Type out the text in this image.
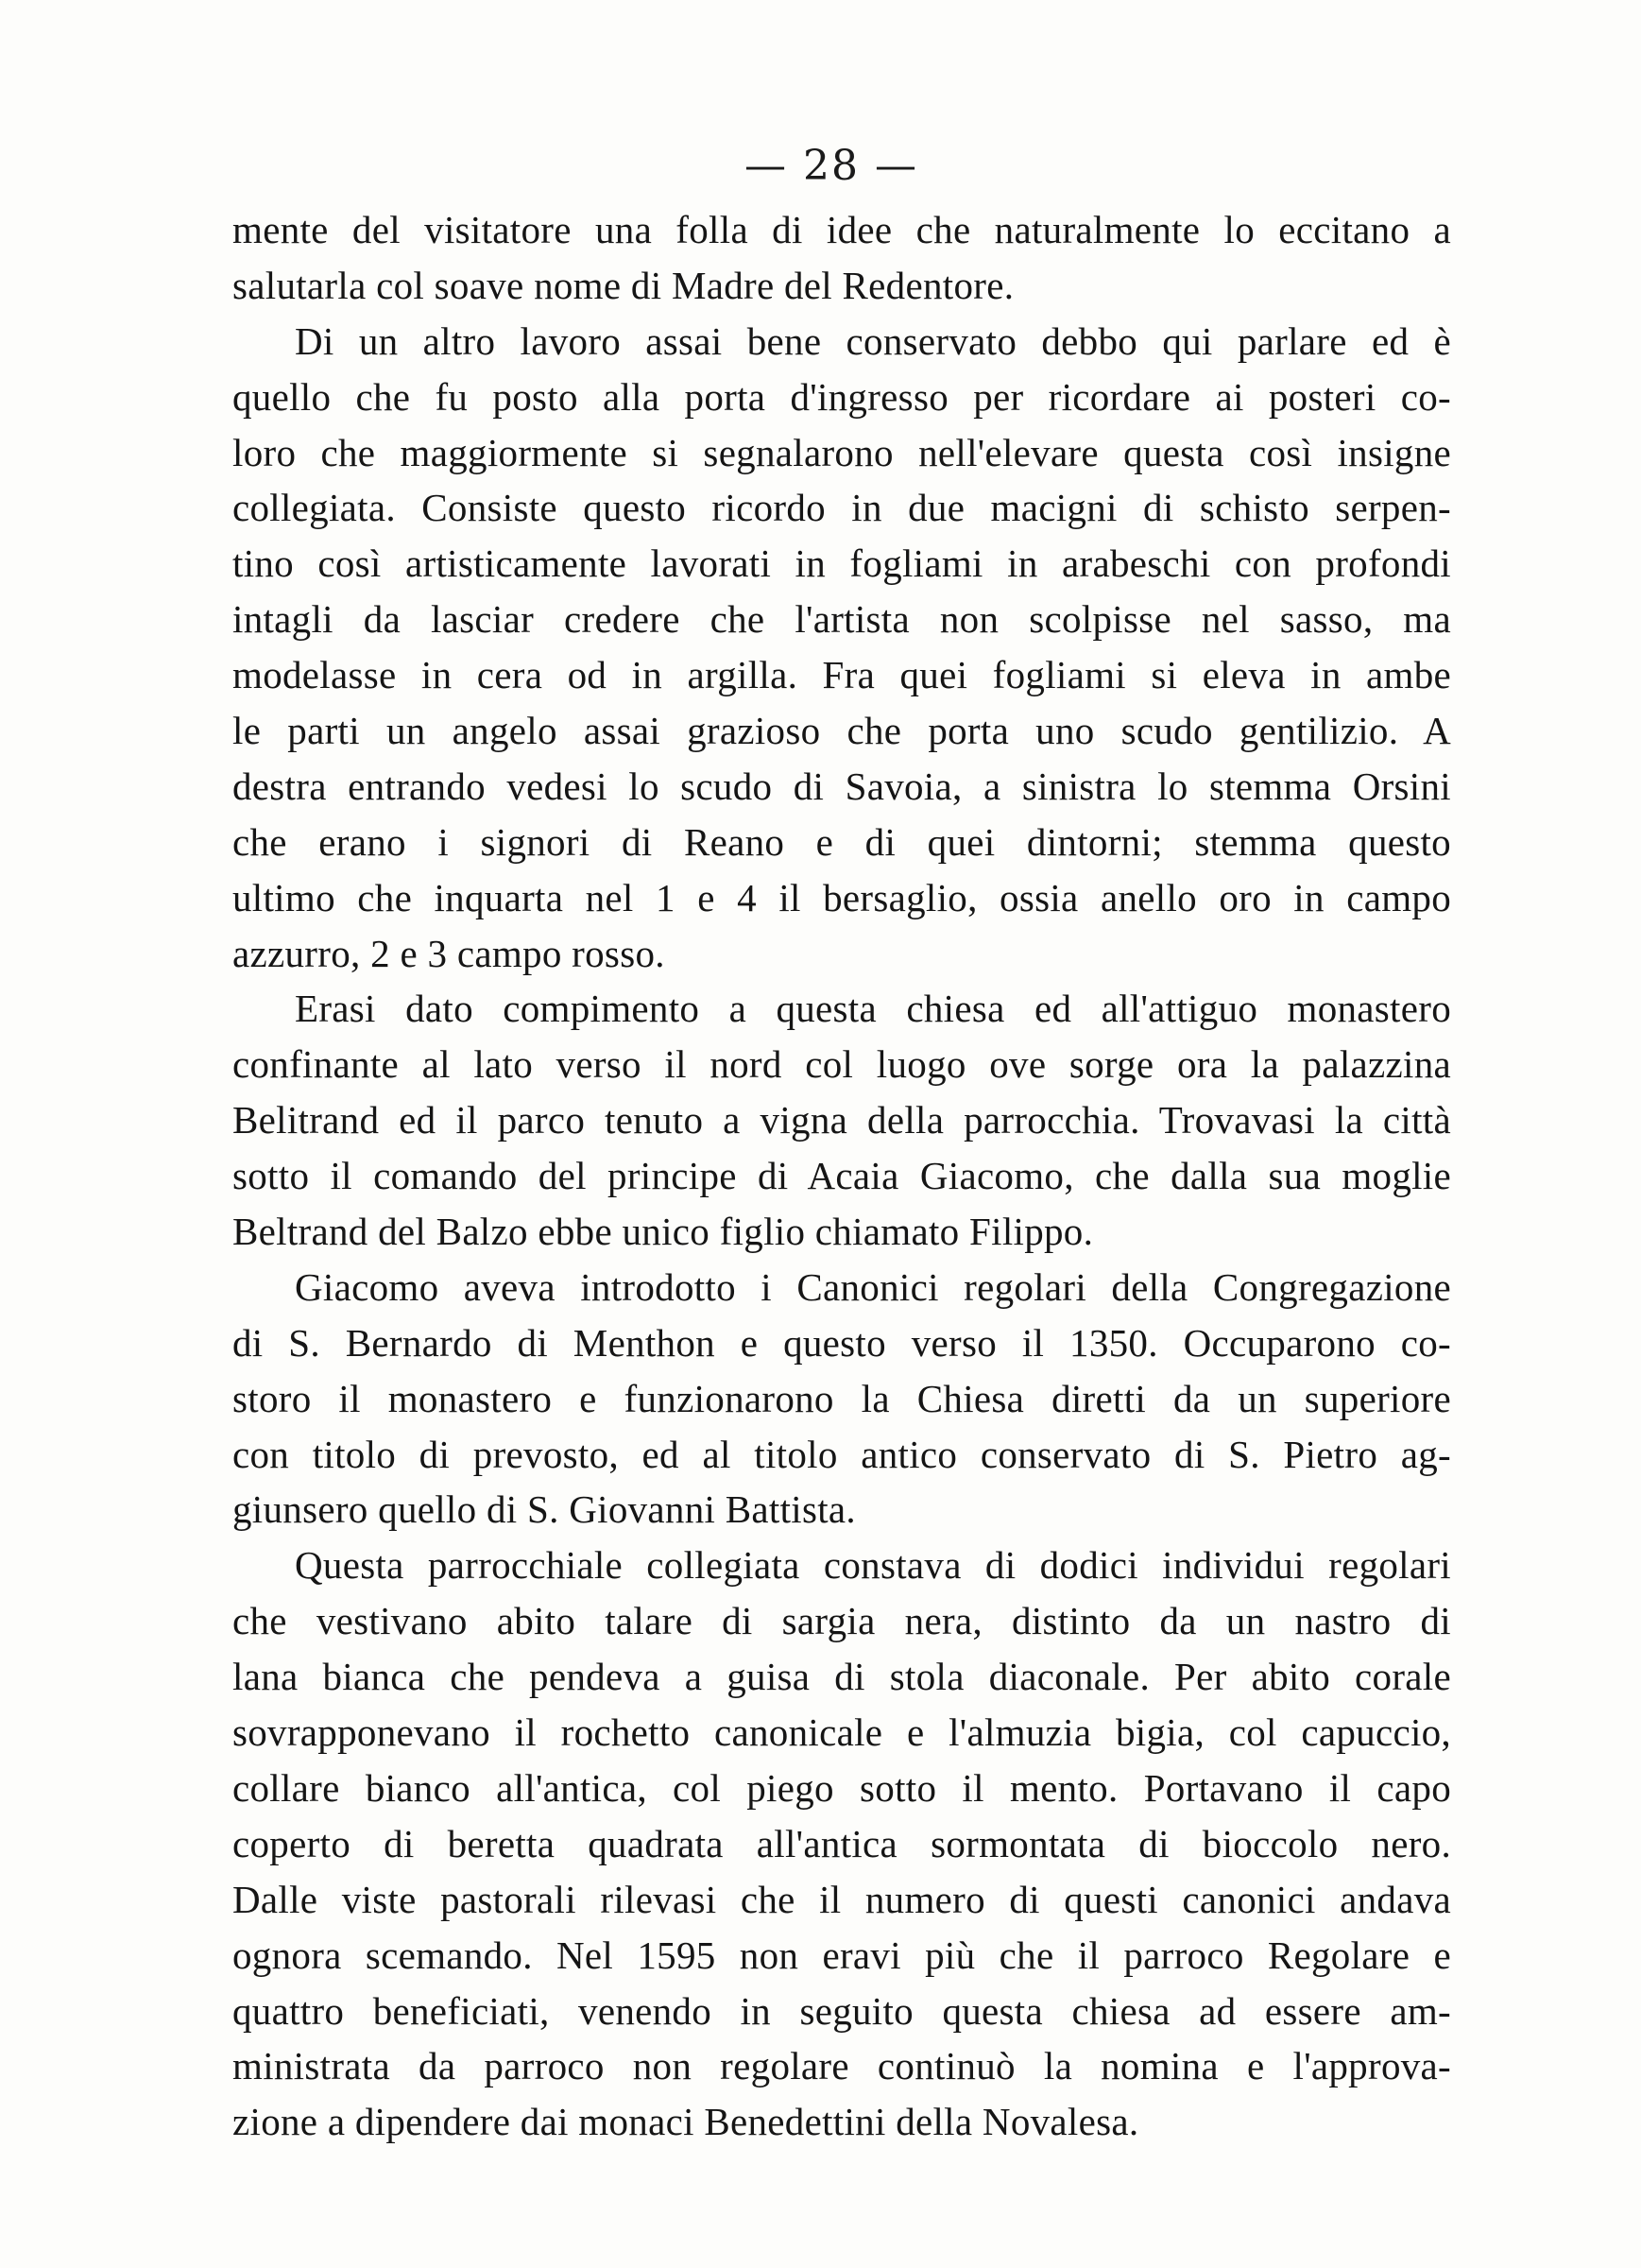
— 28 —
mente del visitatore una folla di idee che naturalmente lo eccitano a
salutarla col soave nome di Madre del Redentore.
Di un altro lavoro assai bene conservato debbo qui parlare ed è
quello che fu posto alla porta d'ingresso per ricordare ai posteri co-
loro che maggiormente si segnalarono nell'elevare questa così insigne
collegiata. Consiste questo ricordo in due macigni di schisto serpen-
tino così artisticamente lavorati in fogliami in arabeschi con profondi
intagli da lasciar credere che l'artista non scolpisse nel sasso, ma
modelasse in cera od in argilla. Fra quei fogliami si eleva in ambe
le parti un angelo assai grazioso che porta uno scudo gentilizio. A
destra entrando vedesi lo scudo di Savoia, a sinistra lo stemma Orsini
che erano i signori di Reano e di quei dintorni; stemma questo
ultimo che inquarta nel 1 e 4 il bersaglio, ossia anello oro in campo
azzurro, 2 e 3 campo rosso.
Erasi dato compimento a questa chiesa ed all'attiguo monastero
confinante al lato verso il nord col luogo ove sorge ora la palazzina
Belitrand ed il parco tenuto a vigna della parrocchia. Trovavasi la città
sotto il comando del principe di Acaia Giacomo, che dalla sua moglie
Beltrand del Balzo ebbe unico figlio chiamato Filippo.
Giacomo aveva introdotto i Canonici regolari della Congregazione
di S. Bernardo di Menthon e questo verso il 1350. Occuparono co-
storo il monastero e funzionarono la Chiesa diretti da un superiore
con titolo di prevosto, ed al titolo antico conservato di S. Pietro ag-
giunsero quello di S. Giovanni Battista.
Questa parrocchiale collegiata constava di dodici individui regolari
che vestivano abito talare di sargia nera, distinto da un nastro di
lana bianca che pendeva a guisa di stola diaconale. Per abito corale
sovrapponevano il rochetto canonicale e l'almuzia bigia, col capuccio,
collare bianco all'antica, col piego sotto il mento. Portavano il capo
coperto di beretta quadrata all'antica sormontata di bioccolo nero.
Dalle viste pastorali rilevasi che il numero di questi canonici andava
ognora scemando. Nel 1595 non eravi più che il parroco Regolare e
quattro beneficiati, venendo in seguito questa chiesa ad essere am-
ministrata da parroco non regolare continuò la nomina e l'approva-
zione a dipendere dai monaci Benedettini della Novalesa.
